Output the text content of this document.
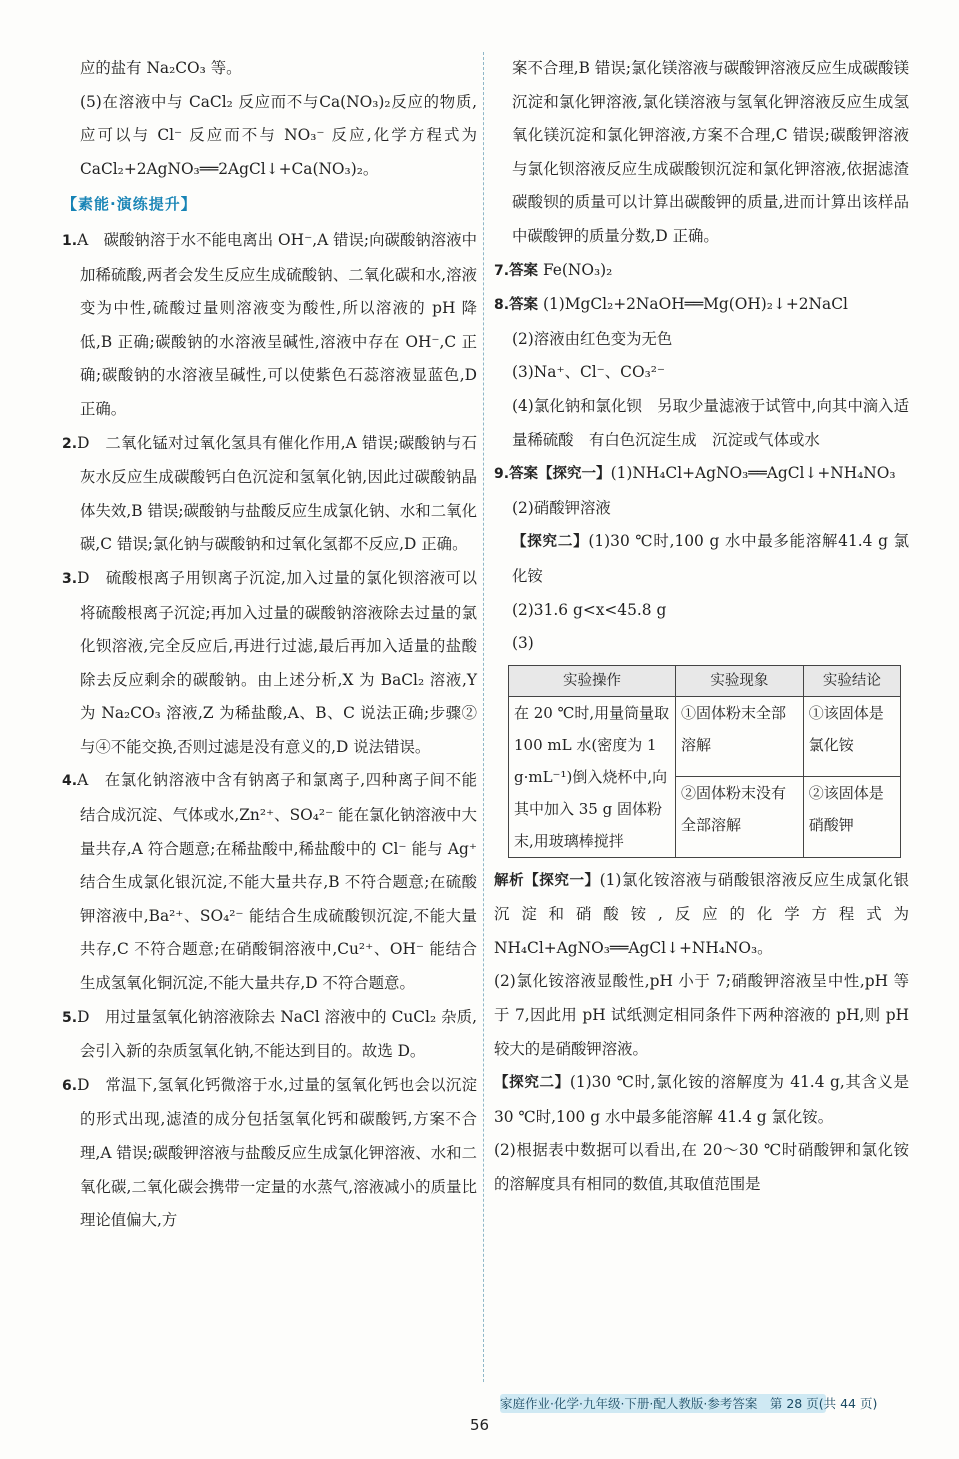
应的盐有 Na₂CO₃ 等。

(5)在溶液中与 CaCl₂ 反应而不与Ca(NO₃)₂反应的物质,应可以与 Cl⁻ 反应而不与 NO₃⁻ 反应,化学方程式为 CaCl₂+2AgNO₃══2AgCl↓+Ca(NO₃)₂。

【素能·演练提升】

1.A　碳酸钠溶于水不能电离出 OH⁻,A 错误;向碳酸钠溶液中加稀硫酸,两者会发生反应生成硫酸钠、二氧化碳和水,溶液变为中性,硫酸过量则溶液变为酸性,所以溶液的 pH 降低,B 正确;碳酸钠的水溶液呈碱性,溶液中存在 OH⁻,C 正确;碳酸钠的水溶液呈碱性,可以使紫色石蕊溶液显蓝色,D 正确。

2.D　二氧化锰对过氧化氢具有催化作用,A 错误;碳酸钠与石灰水反应生成碳酸钙白色沉淀和氢氧化钠,因此过碳酸钠晶体失效,B 错误;碳酸钠与盐酸反应生成氯化钠、水和二氧化碳,C 错误;氯化钠与碳酸钠和过氧化氢都不反应,D 正确。

3.D　硫酸根离子用钡离子沉淀,加入过量的氯化钡溶液可以将硫酸根离子沉淀;再加入过量的碳酸钠溶液除去过量的氯化钡溶液,完全反应后,再进行过滤,最后再加入适量的盐酸除去反应剩余的碳酸钠。由上述分析,X 为 BaCl₂ 溶液,Y 为 Na₂CO₃ 溶液,Z 为稀盐酸,A、B、C 说法正确;步骤②与④不能交换,否则过滤是没有意义的,D 说法错误。

4.A　在氯化钠溶液中含有钠离子和氯离子,四种离子间不能结合成沉淀、气体或水,Zn²⁺、SO₄²⁻ 能在氯化钠溶液中大量共存,A 符合题意;在稀盐酸中,稀盐酸中的 Cl⁻ 能与 Ag⁺ 结合生成氯化银沉淀,不能大量共存,B 不符合题意;在硫酸钾溶液中,Ba²⁺、SO₄²⁻ 能结合生成硫酸钡沉淀,不能大量共存,C 不符合题意;在硝酸铜溶液中,Cu²⁺、OH⁻ 能结合生成氢氧化铜沉淀,不能大量共存,D 不符合题意。

5.D　用过量氢氧化钠溶液除去 NaCl 溶液中的 CuCl₂ 杂质,会引入新的杂质氢氧化钠,不能达到目的。故选 D。

6.D　常温下,氢氧化钙微溶于水,过量的氢氧化钙也会以沉淀的形式出现,滤渣的成分包括氢氧化钙和碳酸钙,方案不合理,A 错误;碳酸钾溶液与盐酸反应生成氯化钾溶液、水和二氧化碳,二氧化碳会携带一定量的水蒸气,溶液减小的质量比理论值偏大,方

案不合理,B 错误;氯化镁溶液与碳酸钾溶液反应生成碳酸镁沉淀和氯化钾溶液,氯化镁溶液与氢氧化钾溶液反应生成氢氧化镁沉淀和氯化钾溶液,方案不合理,C 错误;碳酸钾溶液与氯化钡溶液反应生成碳酸钡沉淀和氯化钾溶液,依据滤渣碳酸钡的质量可以计算出碳酸钾的质量,进而计算出该样品中碳酸钾的质量分数,D 正确。

7.答案 Fe(NO₃)₂

8.答案 (1)MgCl₂+2NaOH══Mg(OH)₂↓+2NaCl

(2)溶液由红色变为无色

(3)Na⁺、Cl⁻、CO₃²⁻

(4)氯化钠和氯化钡　另取少量滤液于试管中,向其中滴入适量稀硫酸　有白色沉淀生成　沉淀或气体或水

9.答案【探究一】(1)NH₄Cl+AgNO₃══AgCl↓+NH₄NO₃

(2)硝酸钾溶液

【探究二】(1)30 ℃时,100 g 水中最多能溶解41.4 g 氯化铵

(2)31.6 g<x<45.8 g

(3)

实验操作	实验现象	实验结论
在 20 ℃时,用量筒量取 100 mL 水(密度为 1 g·mL⁻¹)倒入烧杯中,向其中加入 35 g 固体粉末,用玻璃棒搅拌	①固体粉末全部溶解	①该固体是氯化铵
	②固体粉末没有全部溶解	②该固体是硝酸钾

解析【探究一】(1)氯化铵溶液与硝酸银溶液反应生成氯化银沉淀和硝酸铵,反应的化学方程式为 NH₄Cl+AgNO₃══AgCl↓+NH₄NO₃。

(2)氯化铵溶液显酸性,pH 小于 7;硝酸钾溶液呈中性,pH 等于 7,因此用 pH 试纸测定相同条件下两种溶液的 pH,则 pH 较大的是硝酸钾溶液。

【探究二】(1)30 ℃时,氯化铵的溶解度为 41.4 g,其含义是 30 ℃时,100 g 水中最多能溶解 41.4 g 氯化铵。

(2)根据表中数据可以看出,在 20～30 ℃时硝酸钾和氯化铵的溶解度具有相同的数值,其取值范围是

家庭作业·化学·九年级·下册·配人教版·参考答案　第 28 页(共 44 页)
56
